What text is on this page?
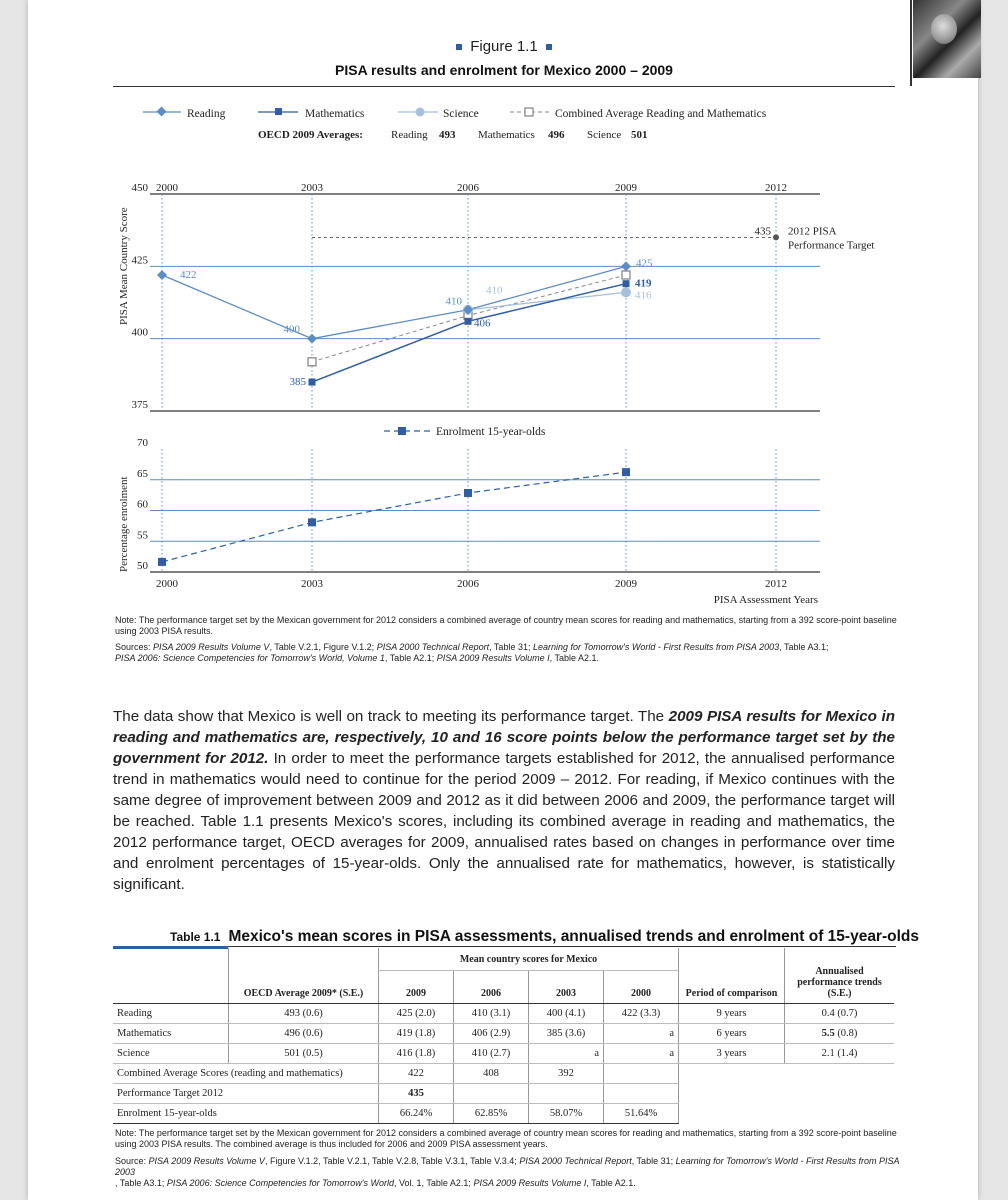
Figure 1.1
PISA results and enrolment for Mexico 2000 – 2009
Reading	Mathematics	Science	Combined Average Reading and Mathematics
OECD 2009 Averages:	Reading 493 Mathematics 496 Science 501
375
400
425
450 2000	2003	2006	2009	2012
435 2012 PISA
Performance Target
422
400
410
425
385
406
419
410	416
50
55
60
65
70
2000	2003	2006	2009	2012
PISA Mean Country Score
Percentage enrolment
PISA Assessment Years
Enrolment 15-year-olds
Note: The performance target set by the Mexican government for 2012 considers a combined average of country mean scores for reading and mathematics, starting from a 392 score-point baseline using 2003 PISA results.
Sources: PISA 2009 Results Volume V, Table V.2.1, Figure V.1.2; PISA 2000 Technical Report, Table 31; Learning for Tomorrow's World - First Results from PISA 2003, Table A3.1;
PISA 2006: Science Competencies for Tomorrow's World, Volume 1, Table A2.1; PISA 2009 Results Volume I, Table A2.1.
The data show that Mexico is well on track to meeting its performance target. The 2009 PISA results for Mexico in reading and mathematics are, respectively, 10 and 16 score points below the performance target set by the government for 2012. In order to meet the performance targets established for 2012, the annualised performance trend in mathematics would need to continue for the period 2009 – 2012. For reading, if Mexico continues with the same degree of improvement between 2009 and 2012 as it did between 2006 and 2009, the performance target will be reached. Table 1.1 presents Mexico's scores, including its combined average in reading and mathematics, the 2012 performance target, OECD averages for 2009, annualised rates based on changes in performance over time and enrolment percentages of 15-year-olds. Only the annualised rate for mathematics, however, is statistically significant.
Table 1.1 Mexico's mean scores in PISA assessments, annualised trends and enrolment of 15-year-olds
	OECD Average 2009* (S.E.)	Mean country scores for Mexico				Period of comparison	Annualised performance trends (S.E.)
		2009	2006	2003	2000		
Reading	493 (0.6)	425 (2.0)	410 (3.1)	400 (4.1)	422 (3.3)	9 years	0.4 (0.7)
Mathematics	496 (0.6)	419 (1.8)	406 (2.9)	385 (3.6)	a	6 years	5.5 (0.8)
Science	501 (0.5)	416 (1.8)	410 (2.7)	a	a	3 years	2.1 (1.4)
Combined Average Scores (reading and mathematics)		422	408	392			
Performance Target 2012		435					
Enrolment 15-year-olds		66.24%	62.85%	58.07%	51.64%		
Note: The performance target set by the Mexican government for 2012 considers a combined average of country mean scores for reading and mathematics, starting from a 392 score-point baseline using 2003 PISA results. The combined average is thus included for 2006 and 2009 PISA assessment years.
Source: PISA 2009 Results Volume V, Figure V.1.2, Table V.2.1, Table V.2.8, Table V.3.1, Table V.3.4; PISA 2000 Technical Report, Table 31; Learning for Tomorrow's World - First Results from PISA 2003
, Table A3.1; PISA 2006: Science Competencies for Tomorrow's World, Vol. 1, Table A2.1; PISA 2009 Results Volume I, Table A2.1.
